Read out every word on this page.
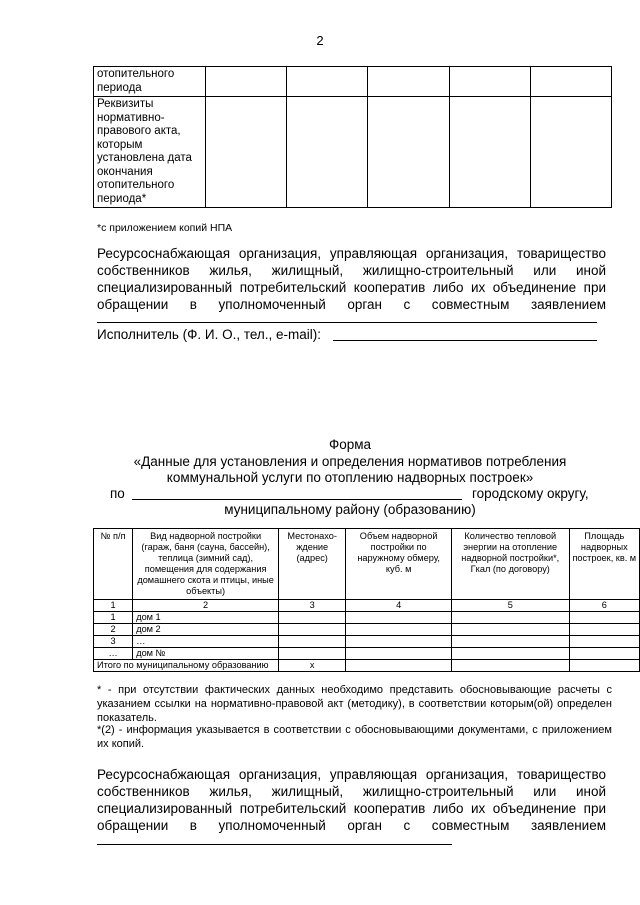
2
отопительного периода					
Реквизиты нормативно-правового акта, которым установлена дата окончания отопительного периода*					
*с приложением копий НПА
Ресурсоснабжающая организация, управляющая организация, товарищество собственников жилья, жилищный, жилищно-строительный или иной специализированный потребительский кооператив либо их объединение при обращении в уполномоченный орган с совместным заявлением
Исполнитель (Ф. И. О., тел., e-mail):
Форма
«Данные для установления и определения нормативов потребления
коммунальной услуги по отоплению надворных построек»
по	городскому округу,
муниципальному району (образованию)
№ п/п	Вид надворной постройки (гараж, баня (сауна, бассейн), теплица (зимний сад), помещения для содержания домашнего скота и птицы, иные объекты)	Местонахо-ждение (адрес)	Объем надворной постройки по наружному обмеру, куб. м	Количество тепловой энергии на отопление надворной постройки*, Гкал (по договору)	Площадь надворных построек, кв. м
1	2	3	4	5	6
1	дом 1				
2	дом 2				
3	…				
…	дом №				
Итого по муниципальному образованию		х			
* - при отсутствии фактических данных необходимо представить обосновывающие расчеты с указанием ссылки на нормативно-правовой акт (методику), в соответствии которым(ой) определен показатель.
*(2) - информация указывается в соответствии с обосновывающими документами, с приложением их копий.
Ресурсоснабжающая организация, управляющая организация, товарищество собственников жилья, жилищный, жилищно-строительный или иной специализированный потребительский кооператив либо их объединение при обращении в уполномоченный орган с совместным заявлением
